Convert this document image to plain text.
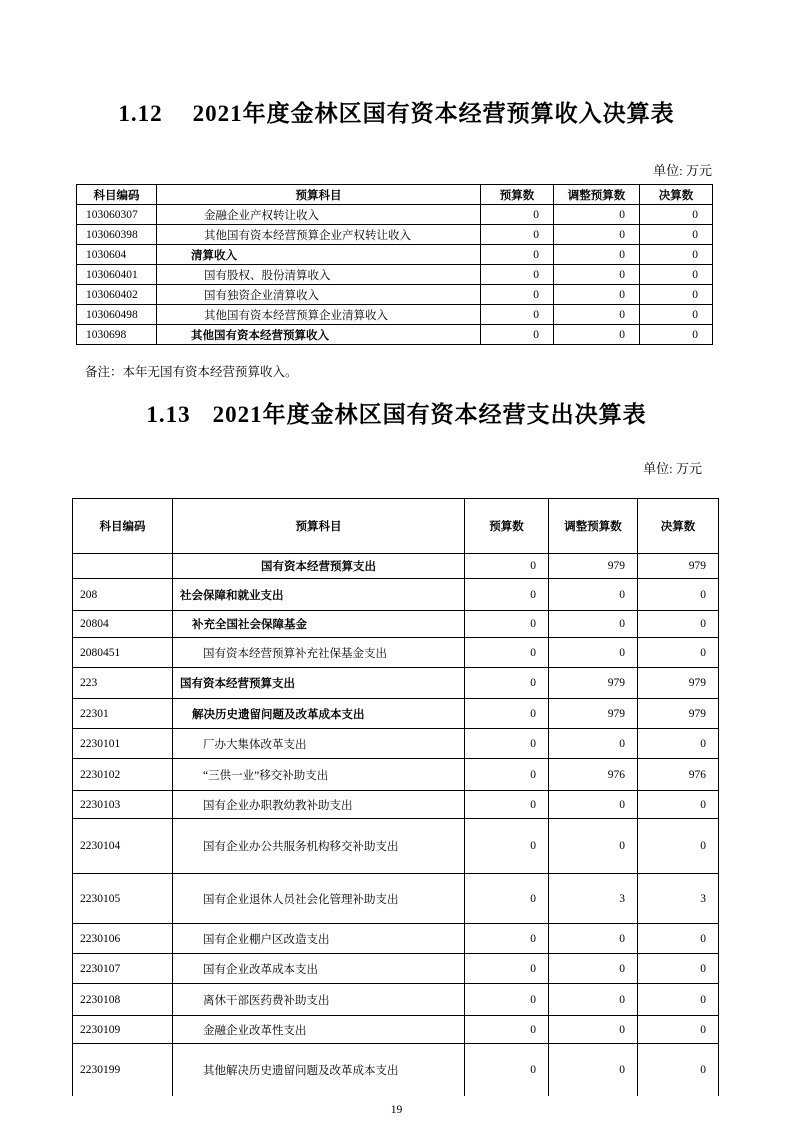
1.12 2021年度金林区国有资本经营预算收入决算表
单位: 万元
科目编码	预算科目	预算数	调整预算数	决算数
103060307	金融企业产权转让收入	0	0	0
103060398	其他国有资本经营预算企业产权转让收入	0	0	0
1030604	清算收入	0	0	0
103060401	国有股权、股份清算收入	0	0	0
103060402	国有独资企业清算收入	0	0	0
103060498	其他国有资本经营预算企业清算收入	0	0	0
1030698	其他国有资本经营预算收入	0	0	0
备注：本年无国有资本经营预算收入。
1.13 2021年度金林区国有资本经营支出决算表
单位: 万元
科目编码	预算科目	预算数	调整预算数	决算数
	国有资本经营预算支出	0	979	979
208	社会保障和就业支出	0	0	0
20804	补充全国社会保障基金	0	0	0
2080451	国有资本经营预算补充社保基金支出	0	0	0
223	国有资本经营预算支出	0	979	979
22301	解决历史遗留问题及改革成本支出	0	979	979
2230101	厂办大集体改革支出	0	0	0
2230102	“三供一业”移交补助支出	0	976	976
2230103	国有企业办职教幼教补助支出	0	0	0
2230104	国有企业办公共服务机构移交补助支出	0	0	0
2230105	国有企业退休人员社会化管理补助支出	0	3	3
2230106	国有企业棚户区改造支出	0	0	0
2230107	国有企业改革成本支出	0	0	0
2230108	离休干部医药费补助支出	0	0	0
2230109	金融企业改革性支出	0	0	0
2230199	其他解决历史遗留问题及改革成本支出	0	0	0
19
